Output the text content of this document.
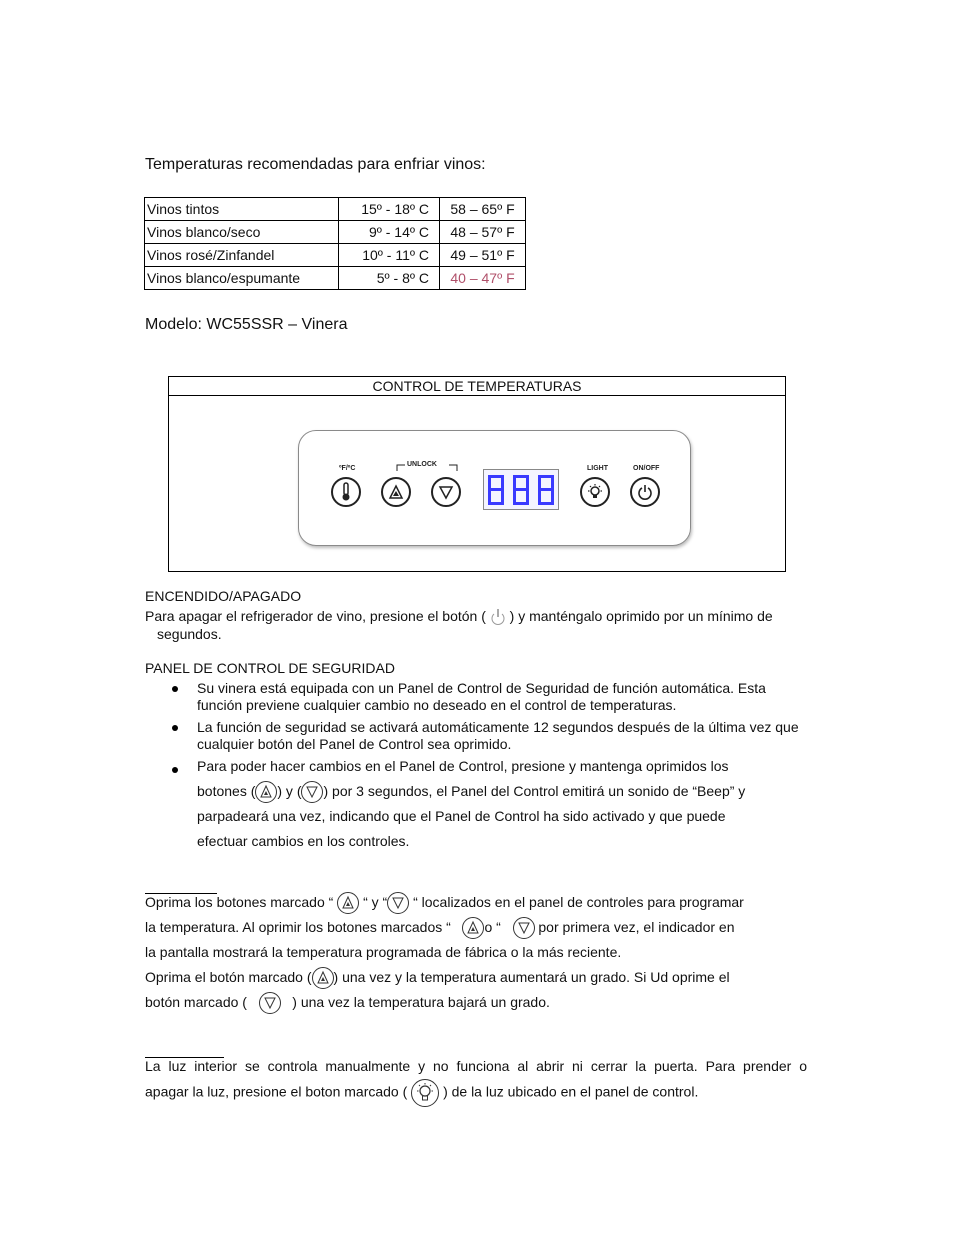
Temperaturas recomendadas para enfriar vinos:
Vinos tintos	15º - 18º C	58 – 65º F
Vinos blanco/seco	9º - 14º C	48 – 57º F
Vinos rosé/Zinfandel	10º - 11º C	49 – 51º F
Vinos blanco/espumante	5º - 8º C	40 – 47º F
Modelo: WC55SSR – Vinera
CONTROL DE TEMPERATURAS
ºF/ºC
UNLOCK
LIGHT	ON/OFF
ENCENDIDO/APAGADO
Para apagar el refrigerador de vino, presione el botón ( ) y manténgalo oprimido por un mínimo de
segundos.
PANEL DE CONTROL DE SEGURIDAD
Su vinera está equipada con un Panel de Control de Seguridad de función automática. Esta función previene cualquier cambio no deseado en el control de temperaturas.
La función de seguridad se activará automáticamente 12 segundos después de la última vez que cualquier botón del Panel de Control sea oprimido.
Para poder hacer cambios en el Panel de Control, presione y mantenga oprimidos los
botones ( ) y ( ) por 3 segundos, el Panel del Control emitirá un sonido de “Beep” y
parpadeará una vez, indicando que el Panel de Control ha sido activado y que puede
efectuar cambios en los controles.
Oprima los botones marcado “ “ y “ “ localizados en el panel de controles para programar
la temperatura. Al oprimir los botones marcados “ o “	por primera vez, el indicador en
la pantalla mostrará la temperatura programada de fábrica o la más reciente.
Oprima el botón marcado ( ) una vez y la temperatura aumentará un grado. Si Ud oprime el
botón marcado (	) una vez la temperatura bajará un grado.
La luz interior se controla manualmente y no funciona al abrir ni cerrar la puerta. Para prender o
apagar la luz, presione el boton marcado (	) de la luz ubicado en el panel de control.
